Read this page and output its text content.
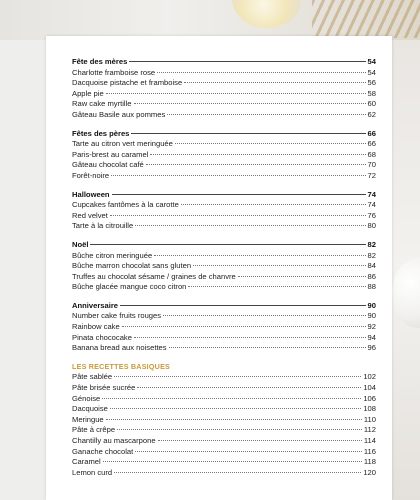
Fête des mères	54
Charlotte framboise rose	54
Dacquoise pistache et framboise	56
Apple pie	58
Raw cake myrtille	60
Gâteau Basile aux pommes	62
Fêtes des pères	66
Tarte au citron vert meringuée	66
Paris-brest au caramel	68
Gâteau chocolat café	70
Forêt-noire	72
Halloween	74
Cupcakes fantômes à la carotte	74
Red velvet	76
Tarte à la citrouille	80
Noël	82
Bûche citron meringuée	82
Bûche marron chocolat sans gluten	84
Truffes au chocolat sésame / graines de chanvre	86
Bûche glacée mangue coco citron	88
Anniversaire	90
Number cake fruits rouges	90
Rainbow cake	92
Pinata chococake	94
Banana bread aux noisettes	96
LES RECETTES BASIQUES
Pâte sablée	102
Pâte brisée sucrée	104
Génoise	106
Dacquoise	108
Meringue	110
Pâte à crêpe	112
Chantilly au mascarpone	114
Ganache chocolat	116
Caramel	118
Lemon curd	120
